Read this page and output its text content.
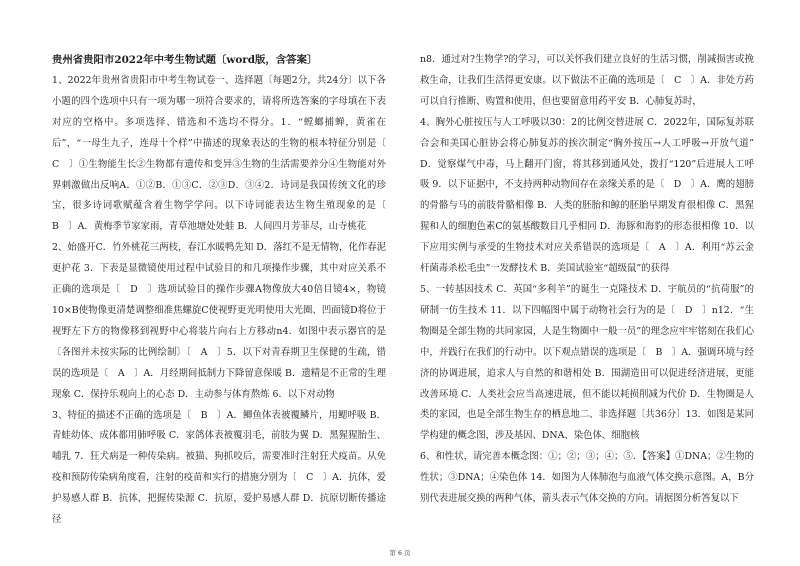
贵州省贵阳市2022年中考生物试题〔word版，含答案〕

1、2022年贵州省贵阳市中考生物试卷一、选择题〔每题2分，共24分〕以下各小题的四个选项中只有一项为哪一项符合要求的，请将所选答案的字母填在下表对应的空格中。多项选择、错选和不选均不得分。1．“螳螂捕蝉，黄雀在后”，“一母生九子，连母十个样”中描述的现象表达的生物的根本特征分别是〔　C　〕①生物能生长②生物都有遗传和变异③生物的生活需要养分④生物能对外界刺激做出反响A．①②B．①③C．②③D．③④2．诗词是我国传统文化的珍宝，很多诗词歌赋蕴含着生物学学问。以下诗词能表达生物生殖现象的是〔　B　〕A．黄梅季节家家雨，青草池塘处处蛙 B．人间四月芳菲尽，山寺桃花

2、始盛开C．竹外桃花三两枝，春江水暖鸭先知 D．落红不是无情物，化作春泥更护花 3．下表是显微镜使用过程中试验目的和几项操作步骤，其中对应关系不正确的选项是〔　D　〕选项试验目的操作步骤A物像放大40倍目镜4×，物镜10×B使物像更清楚调整细准焦螺旋C使视野更光明使用大光圈、凹面镜D将位于视野左下方的物像移到视野中心将装片向右上方移动n4．如图中表示器官的是〔各图并未按实际的比例绘制〕〔　A　〕5．以下对青春期卫生保健的生疏，错误的选项是〔　A　〕A．月经期间抵制力下降留意保暖 B．遗精是不正常的生理现象 C．保持乐观向上的心态 D．主动参与体育熬炼 6．以下对动物

3、特征的描述不正确的选项是〔　B　〕A．鲫鱼体表被覆鳞片，用鳃呼吸 B．青蛙幼体、成体都用肺呼吸 C．家鸽体表被覆羽毛，前肢为翼 D．黑猩猩胎生、哺乳 7．狂犬病是一种传染病。被猫、狗抓咬后，需要准时注射狂犬疫苗。从免疫和预防传染病角度看，注射的疫苗和实行的措施分别为〔　C　〕A．抗体，爱护易感人群 B．抗体，把握传染源 C．抗原，爱护易感人群 D．抗原切断传播途径

n8．通过对?生物学?的学习，可以关怀我们建立良好的生活习惯，削减损害或挽救生命，让我们生活得更安康。以下做法不正确的选项是〔　C　〕A．非处方药可以自行推断、购置和使用，但也要留意用药平安 B．心肺复苏时，

4、胸外心脏按压与人工呼吸以30：2的比例交替进展 C．2022年，国际复苏联合会和美国心脏协会将心肺复苏的挨次制定“胸外按压→人工呼吸→开放气道” D．觉察煤气中毒，马上翻开门窗，将其移到通风处，拨打“120”后进展人工呼吸 9．以下证据中，不支持两种动物间存在亲缘关系的是〔　D　〕A．鹰的翅膀的骨骼与马的前肢骨骼相像 B．人类的胚胎和鲸的胚胎早期发育很相像 C．黑猩猩和人的细胞色素C的氨基酸数目几乎相同 D．海豚和海豹的形态很相像 10．以下应用实例与承受的生物技术对应关系错误的选项是〔　A　〕A．利用“苏云金杆菌毒杀松毛虫”一发酵技术 B．美国试验室“超级鼠”的获得

5、一转基因技术 C．英国“多利羊”的诞生一克隆技术 D．宇航员的“抗荷服”的研制一仿生技术 11．以下四幅图中属于动物社会行为的是〔　D　〕n12．“生物圈是全部生物的共同家园，人是生物圈中一般一员”的理念应牢牢铭刻在我们心中，并践行在我们的行动中。以下观点错误的选项是〔　B　〕A．强调环境与经济的协调进展，追求人与自然的和谐相处 B．围湖造田可以促进经济进展，更能改善环境 C．人类社会应当高速进展，但不能以耗损削减为代价 D．生物圈是人类的家园，也是全部生物生存的栖息地二、非选择题〔共36分〕13．如图是某同学构建的概念图，涉及基因、DNA、染色体、细胞核

6、和性状，请完善本概念图：①；②；③；④；⑤．【答案】①DNA；②生物的性状；③DNA；④染色体 14．如图为人体肺泡与血液气体交换示意图。A，B分别代表进展交换的两种气体，箭头表示气体交换的方向。请据图分析答复以下

第 6 页
